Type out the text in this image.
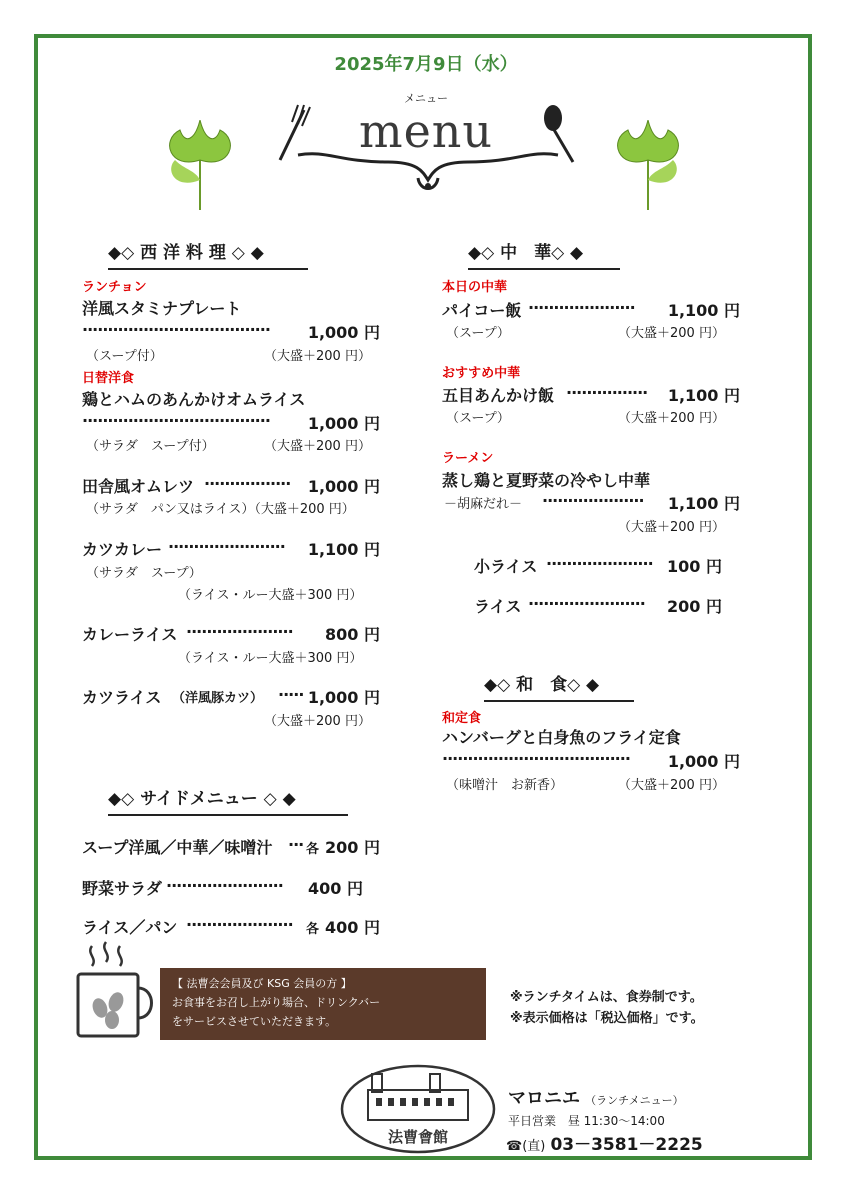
2025年7月9日（水）
メニュー
menu
◆◇ 西 洋 料 理 ◇ ◆
ランチョン
洋風スタミナプレート
·····································	1,000 円
（スープ付）	（大盛＋200 円）
日替洋食
鶏とハムのあんかけオムライス
·····································	1,000 円
（サラダ　スープ付）	（大盛＋200 円）
田舎風オムレツ ·················	1,000 円
（サラダ　パン又はライス）（大盛＋200 円）
カツカレー ·······················	1,100 円
（サラダ　スープ）
（ライス・ルー大盛＋300 円）
カレーライス ·····················	800 円
（ライス・ルー大盛＋300 円）
カツライス （洋風豚カツ） ····· 1,000 円
（大盛＋200 円）
◆◇ サイドメニュー ◇ ◆
スープ洋風／中華／味噌汁 ··· 各 200 円
野菜サラダ ·······················	400 円
ライス／パン ····················· 各 400 円
◆◇ 中　華◇ ◆
本日の中華
パイコー飯 ·····················	1,100 円
（スープ）	（大盛＋200 円）
おすすめ中華
五目あんかけ飯 ················	1,100 円
（スープ）	（大盛＋200 円）
ラーメン
蒸し鶏と夏野菜の冷やし中華
－胡麻だれ－ ····················	1,100 円
（大盛＋200 円）
小ライス ····················· 100 円
ライス ·······················	200 円
◆◇ 和　食◇ ◆
和定食
ハンバーグと白身魚のフライ定食
·····································	1,000 円
（味噌汁　お新香）	（大盛＋200 円）
【 法曹会会員及び KSG 会員の方 】
お食事をお召し上がり場合、ドリンクバー
をサービスさせていただきます。
※ランチタイムは、食券制です。
※表示価格は「税込価格」です。
法曹會館
マロニエ （ランチメニュー）
平日営業 昼 11:30～14:00
☎(直) 03－3581－2225
